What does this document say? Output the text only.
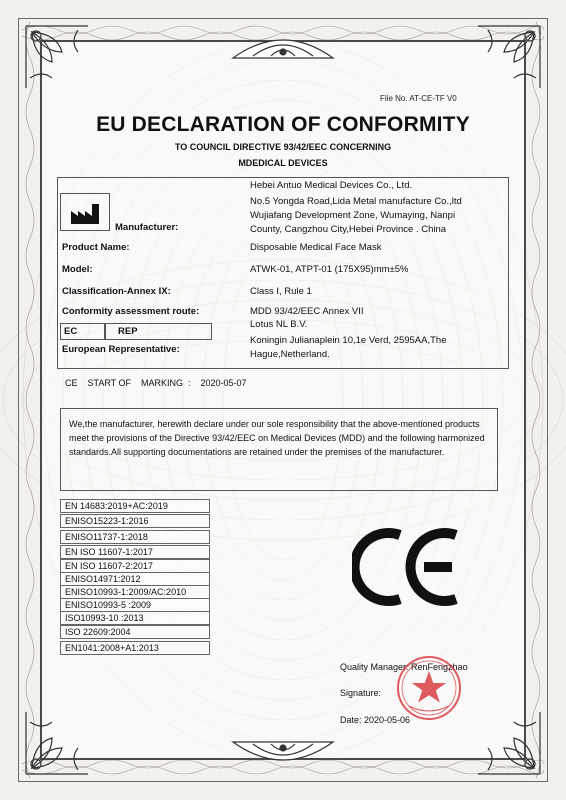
File No. AT-CE-TF V0
EU DECLARATION OF CONFORMITY
TO COUNCIL DIRECTIVE 93/42/EEC CONCERNING
MDEDICAL DEVICES
Manufacturer:
Hebei Antuo Medical Devices Co., Ltd.
No.5 Yongda Road,Lida Metal manufacture Co.,ltd
Wujiafang Development Zone, Wumaying, Nanpi
County, Cangzhou City,Hebei Province . China
Product Name:	Disposable Medical Face Mask
Model:	ATWK-01, ATPT-01 (175X95)mm±5%
Classification-Annex IX:	Class I, Rule 1
Conformity assessment route:	MDD 93/42/EEC Annex VII
EC	REP
European Representative:
Lotus NL B.V.
Koningin Julianaplein 10,1e Verd, 2595AA,The
Hague,Netherland.
CE    START OF    MARKING  :    2020-05-07
We,the manufacturer, herewith declare under our sole responsibility that the above-mentioned products meet the provisions of the Directive 93/42/EEC on Medical Devices (MDD) and the following harmonized standards.All supporting documentations are retained under the premises of the manufacturer.
EN 14683:2019+AC:2019
ENISO15223-1:2016
ENISO11737-1:2018
EN ISO 11607-1:2017
EN ISO 11607-2:2017
ENISO14971:2012
ENISO10993-1:2009/AC:2010
ENISO10993-5 :2009
ISO10993-10 :2013
ISO 22609:2004
EN1041:2008+A1:2013
Quality Manager: RenFengzhao
Signature:
Date: 2020-05-06
